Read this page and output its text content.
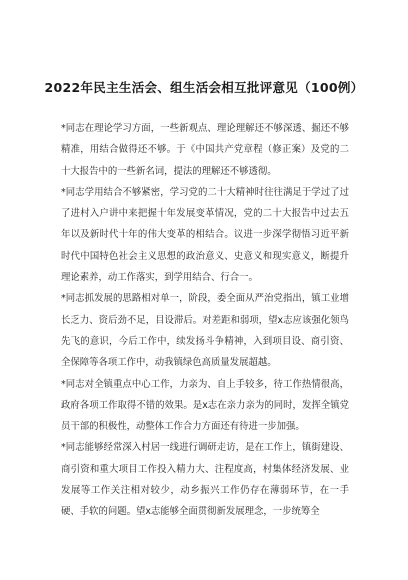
2022年民主生活会、组生活会相互批评意见（100例）

*同志在理论学习方面，一些新观点、理论理解还不够深透、掘还不够精准，用结合做得还不够。于《中国共产党章程（修正案）及党的二十大报告中的一些新名词，提法的理解还不够透彻。

*同志学用结合不够紧密，学习党的二十大精神时往往满足于学过了过了进村入户讲中来把握十年发展变革情况，党的二十大报告中过去五年以及新时代十年的伟大变革的相结合。议进一步深学彻悟习近平新时代中国特色社会主义思想的政治意义、史意义和现实意义，断提升理论素养，动工作落实，到学用结合、行合一。

*同志抓发展的思路相对单一，阶段，委全面从严治党指出，镇工业增长乏力、资后劲不足，目设滞后。对差距和弱项，望x志应该强化领鸟先飞的意识，今后工作中，续发扬斗争精神，入到项目设、商引资、全保障等各项工作中，动我镇绿色高质量发展超越。

*同志对全镇重点中心工作，力亲为、自上手较多，待工作热情很高，政府各项工作取得不错的效果。是x志在亲力亲为的同时，发挥全镇党员干部的积极性，动整体工作合力方面还有待进一步加强。

*同志能够经常深入村居一线进行调研走访，是在工作上，镇街建设、商引资和重大项目工作投入精力大、注程度高，村集体经济发展、业发展等工作关注相对较少，动乡振兴工作仍存在薄弱环节，在一手硬、手软的问题。望x志能够全面贯彻新发展理念，一步统筹全
